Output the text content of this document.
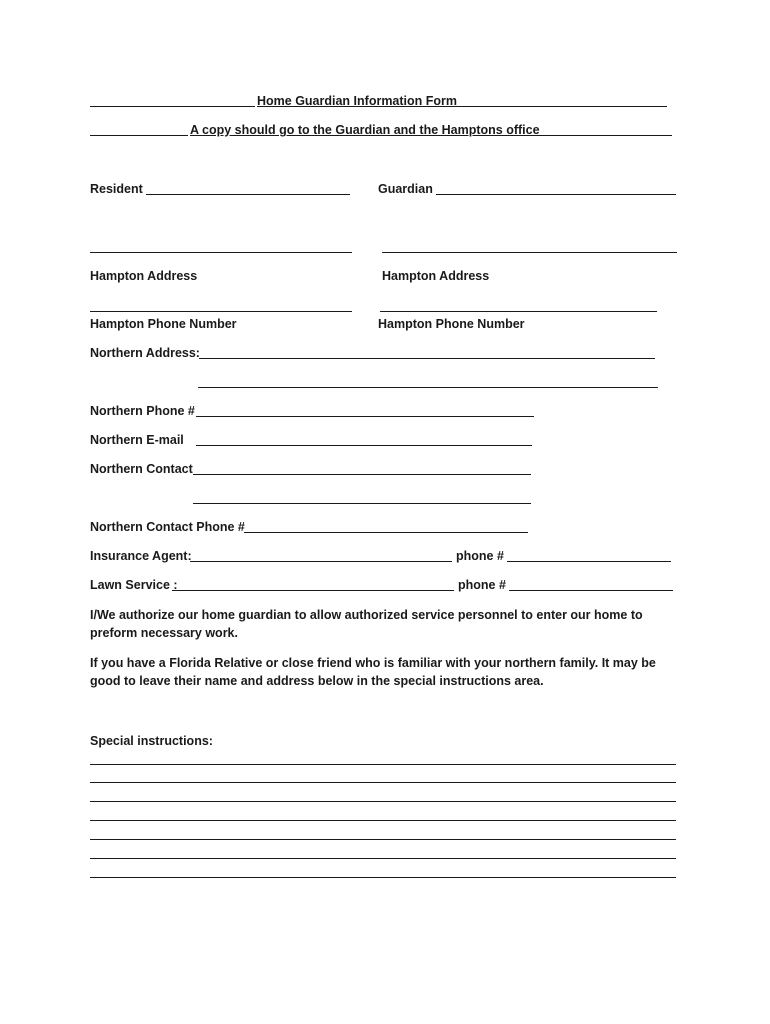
Home Guardian Information Form
A copy should go to the Guardian and the Hamptons office
Resident	Guardian
Hampton Address	Hampton Address
Hampton Phone Number	Hampton Phone Number
Northern Address:
Northern Phone #
Northern E-mail
Northern Contact
Northern Contact Phone #
Insurance Agent:	phone #
Lawn Service :	phone #
I/We authorize our home guardian to allow authorized service personnel to enter our home to preform necessary work.
If you have a Florida Relative or close friend who is familiar with your northern family. It may be good to leave their name and address below in the special instructions area.
Special instructions:
